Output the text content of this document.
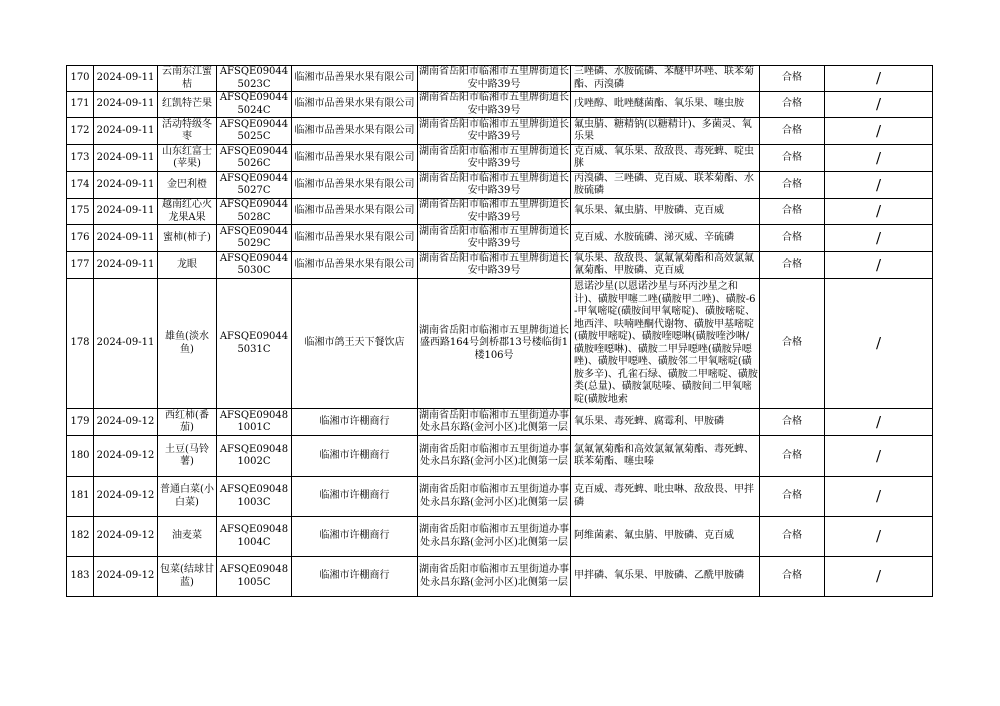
170	2024-09-11	云南东江蜜桔	AFSQE090445023C	临湘市品善果水果有限公司	湖南省岳阳市临湘市五里牌街道长安中路39号	三唑磷、水胺硫磷、苯醚甲环唑、联苯菊酯、丙溴磷	合格	/
171	2024-09-11	红凯特芒果	AFSQE090445024C	临湘市品善果水果有限公司	湖南省岳阳市临湘市五里牌街道长安中路39号	戊唑醇、吡唑醚菌酯、氧乐果、噻虫胺	合格	/
172	2024-09-11	活动特级冬枣	AFSQE090445025C	临湘市品善果水果有限公司	湖南省岳阳市临湘市五里牌街道长安中路39号	氟虫腈、糖精钠(以糖精计)、多菌灵、氧乐果	合格	/
173	2024-09-11	山东红富士(苹果)	AFSQE090445026C	临湘市品善果水果有限公司	湖南省岳阳市临湘市五里牌街道长安中路39号	克百威、氧乐果、敌敌畏、毒死蜱、啶虫脒	合格	/
174	2024-09-11	金巴利橙	AFSQE090445027C	临湘市品善果水果有限公司	湖南省岳阳市临湘市五里牌街道长安中路39号	丙溴磷、三唑磷、克百威、联苯菊酯、水胺硫磷	合格	/
175	2024-09-11	越南红心火龙果A果	AFSQE090445028C	临湘市品善果水果有限公司	湖南省岳阳市临湘市五里牌街道长安中路39号	氧乐果、氟虫腈、甲胺磷、克百威	合格	/
176	2024-09-11	蜜柿(柿子)	AFSQE090445029C	临湘市品善果水果有限公司	湖南省岳阳市临湘市五里牌街道长安中路39号	克百威、水胺硫磷、涕灭威、辛硫磷	合格	/
177	2024-09-11	龙眼	AFSQE090445030C	临湘市品善果水果有限公司	湖南省岳阳市临湘市五里牌街道长安中路39号	氧乐果、敌敌畏、氯氟氰菊酯和高效氯氟氰菊酯、甲胺磷、克百威	合格	/
178	2024-09-11	雄鱼(淡水鱼)	AFSQE090445031C	临湘市鸽王天下餐饮店	湖南省岳阳市临湘市五里牌街道长盛西路164号剑桥郡13号楼临街1楼106号	恩诺沙星(以恩诺沙星与环丙沙星之和计)、磺胺甲噻二唑(磺胺甲二唑)、磺胺-6-甲氧嘧啶(磺胺间甲氧嘧啶)、磺胺嘧啶、地西泮、呋喃唑酮代谢物、磺胺甲基嘧啶(磺胺甲嘧啶)、磺胺喹噁啉(磺胺喹沙啉/磺胺喹噁啉)、磺胺二甲异噁唑(磺胺异噁唑)、磺胺甲噁唑、磺胺邻二甲氧嘧啶(磺胺多辛)、孔雀石绿、磺胺二甲嘧啶、磺胺类(总量)、磺胺氯哒嗪、磺胺间二甲氧嘧啶(磺胺地索	合格	/
179	2024-09-12	西红柿(番茄)	AFSQE090481001C	临湘市许棚商行	湖南省岳阳市临湘市五里街道办事处永昌东路(金河小区)北侧第一层	氧乐果、毒死蜱、腐霉利、甲胺磷	合格	/
180	2024-09-12	土豆(马铃薯)	AFSQE090481002C	临湘市许棚商行	湖南省岳阳市临湘市五里街道办事处永昌东路(金河小区)北侧第一层	氯氟氰菊酯和高效氯氟氰菊酯、毒死蜱、联苯菊酯、噻虫嗪	合格	/
181	2024-09-12	普通白菜(小白菜)	AFSQE090481003C	临湘市许棚商行	湖南省岳阳市临湘市五里街道办事处永昌东路(金河小区)北侧第一层	克百威、毒死蜱、吡虫啉、敌敌畏、甲拌磷	合格	/
182	2024-09-12	油麦菜	AFSQE090481004C	临湘市许棚商行	湖南省岳阳市临湘市五里街道办事处永昌东路(金河小区)北侧第一层	阿维菌素、氟虫腈、甲胺磷、克百威	合格	/
183	2024-09-12	包菜(结球甘蓝)	AFSQE090481005C	临湘市许棚商行	湖南省岳阳市临湘市五里街道办事处永昌东路(金河小区)北侧第一层	甲拌磷、氧乐果、甲胺磷、乙酰甲胺磷	合格	/
